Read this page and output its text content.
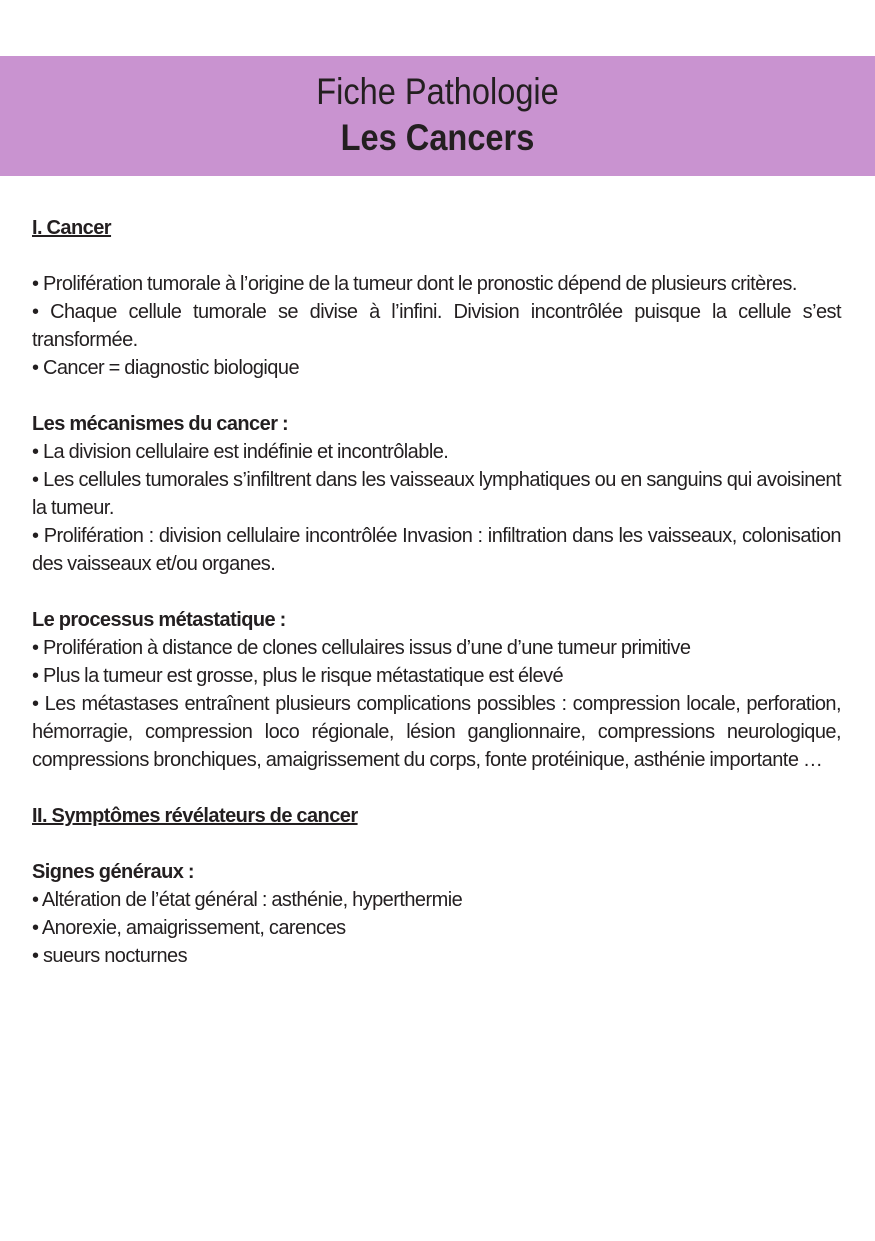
Fiche Pathologie
Les Cancers

I. Cancer

• Prolifération tumorale à l’origine de la tumeur dont le pronostic dépend de plusieurs critères.

• Chaque cellule tumorale se divise à l’infini. Division incontrôlée puisque la cellule s’est transformée.

• Cancer = diagnostic biologique

Les mécanismes du cancer :

• La division cellulaire est indéfinie et incontrôlable.

• Les cellules tumorales s’infiltrent dans les vaisseaux lymphatiques ou en sanguins qui avoisinent la tumeur.

• Prolifération : division cellulaire incontrôlée Invasion : infiltration dans les vaisseaux, colonisation des vaisseaux et/ou organes.

Le processus métastatique :

• Prolifération à distance de clones cellulaires issus d’une d’une tumeur primitive

• Plus la tumeur est grosse, plus le risque métastatique est élevé

• Les métastases entraînent plusieurs complications possibles : compression locale, perforation, hémorragie, compression loco régionale, lésion ganglionnaire, compressions neurologique, compressions bronchiques, amaigrissement du corps, fonte protéinique, asthénie importante …

II. Symptômes révélateurs de cancer

Signes généraux :

• Altération de l’état général : asthénie, hyperthermie

• Anorexie, amaigrissement, carences

• sueurs nocturnes
